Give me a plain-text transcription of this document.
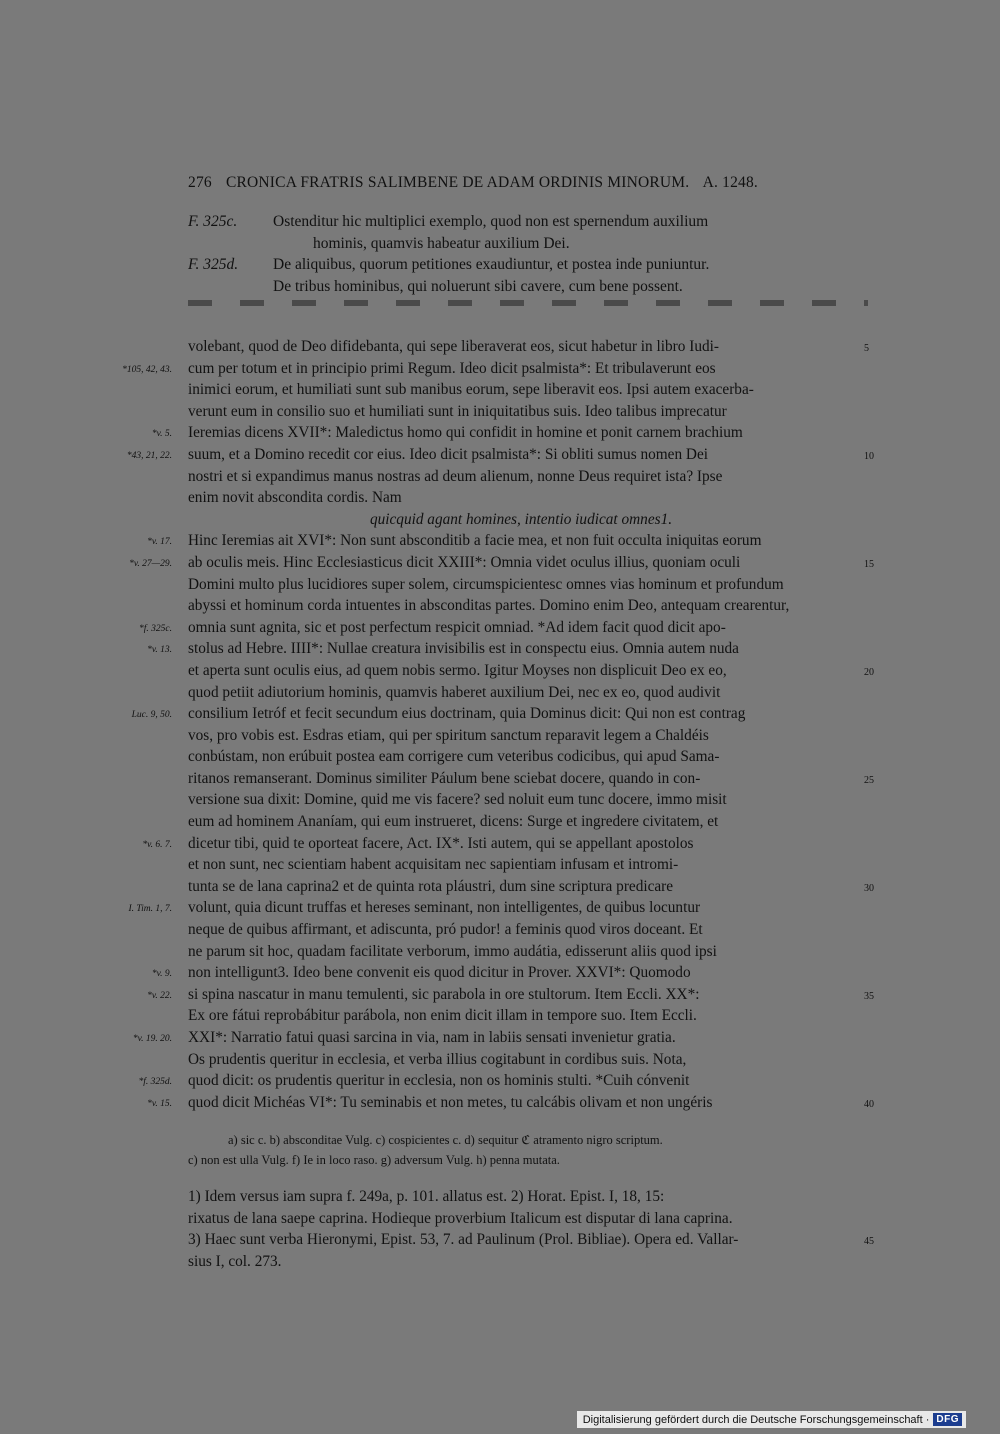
276 CRONICA FRATRIS SALIMBENE DE ADAM ORDINIS MINORUM. A. 1248.
F. 325c. Ostenditur hic multiplici exemplo, quod non est spernendum auxilium
hominis, quamvis habeatur auxilium Dei.
F. 325d. De aliquibus, quorum petitiones exaudiuntur, et postea inde puniuntur.
De tribus hominibus, qui noluerunt sibi cavere, cum bene possent.
volebant, quod de Deo difidebanta, qui sepe liberaverat eos, sicut habetur in libro Iudi-	5
*105, 42, 43. cum per totum et in principio primi Regum. Ideo dicit psalmista*: Et tribulaverunt eos
inimici eorum, et humiliati sunt sub manibus eorum, sepe liberavit eos. Ipsi autem exacerba-
verunt eum in consilio suo et humiliati sunt in iniquitatibus suis. Ideo talibus imprecatur
*v. 5. Ieremias dicens XVII*: Maledictus homo qui confidit in homine et ponit carnem brachium
*43, 21, 22. suum, et a Domino recedit cor eius. Ideo dicit psalmista*: Si obliti sumus nomen Dei	10
nostri et si expandimus manus nostras ad deum alienum, nonne Deus requiret ista? Ipse
enim novit abscondita cordis. Nam
quicquid agant homines, intentio iudicat omnes1.
*v. 17. Hinc Ieremias ait XVI*: Non sunt absconditib a facie mea, et non fuit occulta iniquitas eorum
*v. 27—29. ab oculis meis. Hinc Ecclesiasticus dicit XXIII*: Omnia videt oculus illius, quoniam oculi	15
Domini multo plus lucidiores super solem, circumspicientesc omnes vias hominum et profundum
abyssi et hominum corda intuentes in absconditas partes. Domino enim Deo, antequam crearentur,
*f. 325c. omnia sunt agnita, sic et post perfectum respicit omniad. *Ad idem facit quod dicit apo-
*v. 13. stolus ad Hebre. IIII*: Nullae creatura invisibilis est in conspectu eius. Omnia autem nuda
et aperta sunt oculis eius, ad quem nobis sermo. Igitur Moyses non displicuit Deo ex eo,	20
quod petiit adiutorium hominis, quamvis haberet auxilium Dei, nec ex eo, quod audivit
Luc. 9, 50. consilium Ietróf et fecit secundum eius doctrinam, quia Dominus dicit: Qui non est contrag
vos, pro vobis est. Esdras etiam, qui per spiritum sanctum reparavit legem a Chaldéis
conbústam, non erúbuit postea eam corrigere cum veteribus codicibus, qui apud Sama-
ritanos remanserant. Dominus similiter Páulum bene sciebat docere, quando in con-	25
versione sua dixit: Domine, quid me vis facere? sed noluit eum tunc docere, immo misit
eum ad hominem Ananíam, qui eum instrueret, dicens: Surge et ingredere civitatem, et
*v. 6. 7. dicetur tibi, quid te oporteat facere, Act. IX*. Isti autem, qui se appellant apostolos
et non sunt, nec scientiam habent acquisitam nec sapientiam infusam et intromi-
tunta se de lana caprina2 et de quinta rota pláustri, dum sine scriptura predicare	30
I. Tim. 1, 7. volunt, quia dicunt truffas et hereses seminant, non intelligentes, de quibus locuntur
neque de quibus affirmant, et adiscunta, pró pudor! a feminis quod viros doceant. Et
ne parum sit hoc, quadam facilitate verborum, immo audátia, edisserunt aliis quod ipsi
*v. 9. non intelligunt3. Ideo bene convenit eis quod dicitur in Prover. XXVI*: Quomodo
*v. 22. si spina nascatur in manu temulenti, sic parabola in ore stultorum. Item Eccli. XX*:	35
Ex ore fátui reprobábitur parábola, non enim dicit illam in tempore suo. Item Eccli.
*v. 19. 20. XXI*: Narratio fatui quasi sarcina in via, nam in labiis sensati invenietur gratia.
Os prudentis queritur in ecclesia, et verba illius cogitabunt in cordibus suis. Nota,
*f. 325d. quod dicit: os prudentis queritur in ecclesia, non os hominis stulti. *Cuih cónvenit
*v. 15. quod dicit Michéas VI*: Tu seminabis et non metes, tu calcábis olivam et non ungéris	40
a) sic c. b) absconditae Vulg. c) cospicientes c. d) sequitur ℭ atramento nigro scriptum.
c) non est ulla Vulg. f) Ie in loco raso. g) adversum Vulg. h) penna mutata.
1) Idem versus iam supra f. 249a, p. 101. allatus est. 2) Horat. Epist. I, 18, 15:
rixatus de lana saepe caprina. Hodieque proverbium Italicum est disputar di lana caprina.
3) Haec sunt verba Hieronymi, Epist. 53, 7. ad Paulinum (Prol. Bibliae). Opera ed. Vallar-	45
sius I, col. 273.
Digitalisierung gefördert durch die Deutsche Forschungsgemeinschaft · DFG
